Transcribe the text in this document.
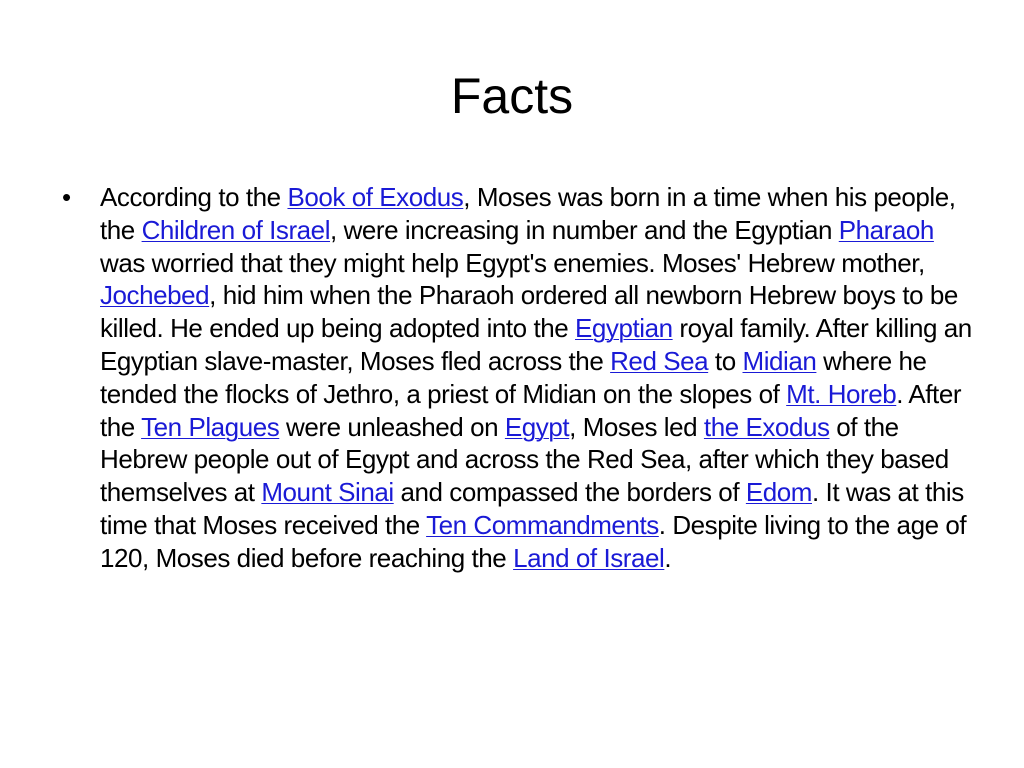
Facts
• According to the Book of Exodus, Moses was born in a time when his people, the Children of Israel, were increasing in number and the Egyptian Pharaoh was worried that they might help Egypt's enemies. Moses' Hebrew mother, Jochebed, hid him when the Pharaoh ordered all newborn Hebrew boys to be killed. He ended up being adopted into the Egyptian royal family. After killing an Egyptian slave-master, Moses fled across the Red Sea to Midian where he tended the flocks of Jethro, a priest of Midian on the slopes of Mt. Horeb. After the Ten Plagues were unleashed on Egypt, Moses led the Exodus of the Hebrew people out of Egypt and across the Red Sea, after which they based themselves at Mount Sinai and compassed the borders of Edom. It was at this time that Moses received the Ten Commandments. Despite living to the age of 120, Moses died before reaching the Land of Israel.
